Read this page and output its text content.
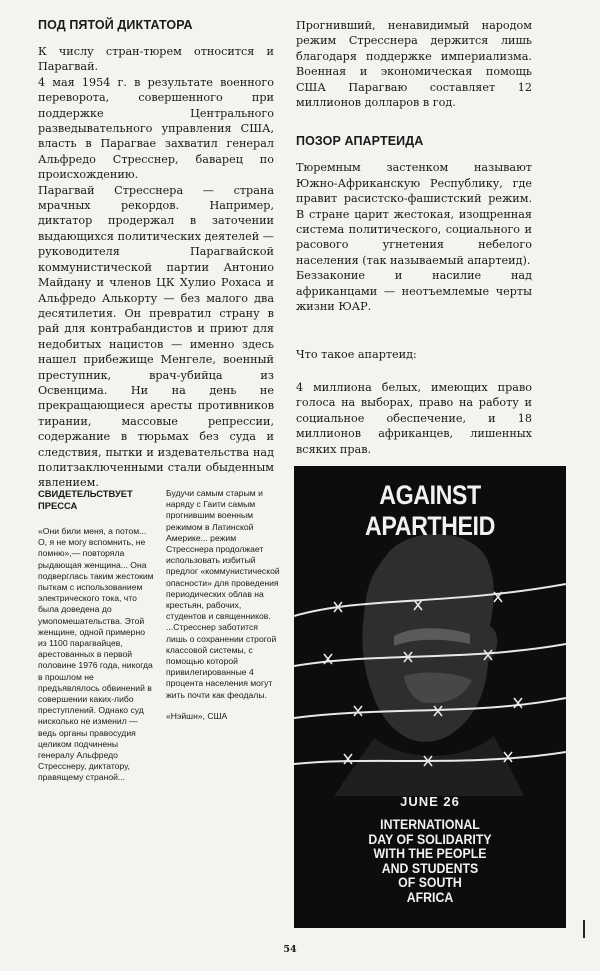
ПОД ПЯТОЙ ДИКТАТОРА

К числу стран-тюрем относится и Парагвай.

4 мая 1954 г. в результате военного переворота, совершенного при поддержке Центрального разведывательного управления США, власть в Парагвае захватил генерал Альфредо Стресснер, баварец по происхождению.

Парагвай Стресснера — страна мрачных рекордов. Например, диктатор продержал в заточении выдающихся политических деятелей — руководителя Парагвайской коммунистической партии Антонио Майдану и членов ЦК Хулио Рохаса и Альфредо Алькорту — без малого два десятилетия. Он превратил страну в рай для контрабандистов и приют для недобитых нацистов — именно здесь нашел прибежище Менгеле, военный преступник, врач-убийца из Освенцима. Ни на день не прекращающиеся аресты противников тирании, массовые репрессии, содержание в тюрьмах без суда и следствия, пытки и издевательства над политзаключенными стали обыденным явлением.

Прогнивший, ненавидимый народом режим Стресснера держится лишь благодаря поддержке империализма. Военная и экономическая помощь США Парагваю составляет 12 миллионов долларов в год.

ПОЗОР АПАРТЕИДА

Тюремным застенком называют Южно-Африканскую Республику, где правит расистско-фашистский режим. В стране царит жестокая, изощренная система политического, социального и расового угнетения небелого населения (так называемый апартеид).

Беззаконие и насилие над африканцами — неотъемлемые черты жизни ЮАР.

Что такое апартеид:

4 миллиона белых, имеющих право голоса на выборах, право на работу и социальное обеспечение, и 18 миллионов африканцев, лишенных всяких прав.

СВИДЕТЕЛЬСТВУЕТ ПРЕССА

«Они били меня, а потом... О, я не могу вспомнить, не помню»,— повторяла рыдающая женщина... Она подверглась таким жестоким пыткам с использованием электрического тока, что была доведена до умопомешательства. Этой женщине, одной примерно из 1100 парагвайцев, арестованных в первой половине 1976 года, никогда в прошлом не предъявлялось обвинений в совершении каких-либо преступлений. Однако суд нисколько не изменил — ведь органы правосудия целиком подчинены генералу Альфредо Стресснеру, диктатору, правящему страной...

Будучи самым старым и наряду с Гаити самым прогнившим военным режимом в Латинской Америке... режим Стресснера продолжает использовать избитый предлог «коммунистической опасности» для проведения периодических облав на крестьян, рабочих, студентов и священников.

...Стресснер заботится лишь о сохранении строгой классовой системы, с помощью которой привилегированные 4 процента населения могут жить почти как феодалы.

«Нэйшн», США

AGAINST APARTHEID
JUNE 26
INTERNATIONAL
DAY OF SOLIDARITY
WITH THE PEOPLE
AND STUDENTS
OF SOUTH
AFRICA
54
